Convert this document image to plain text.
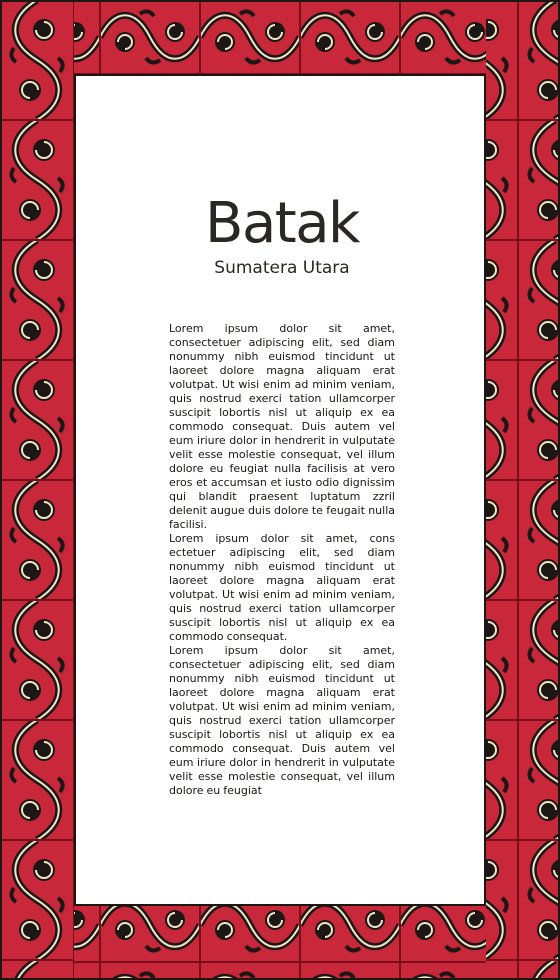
Batak
Sumatera Utara

Lorem ipsum dolor sit amet, consectetuer adipiscing elit, sed diam nonummy nibh euismod tincidunt ut laoreet dolore magna aliquam erat volutpat. Ut wisi enim ad minim veniam, quis nostrud exerci tation ullamcorper suscipit lobortis nisl ut aliquip ex ea commodo consequat. Duis autem vel eum iriure dolor in hendrerit in vulputate velit esse molestie consequat, vel illum dolore eu feugiat nulla facilisis at vero eros et accumsan et iusto odio dignissim qui blandit praesent luptatum zzril delenit augue duis dolore te feugait nulla facilisi.

Lorem ipsum dolor sit amet, cons ectetuer adipiscing elit, sed diam nonummy nibh euismod tincidunt ut laoreet dolore magna aliquam erat volutpat. Ut wisi enim ad minim veniam, quis nostrud exerci tation ullamcorper suscipit lobortis nisl ut aliquip ex ea commodo consequat.

Lorem ipsum dolor sit amet, consectetuer adipiscing elit, sed diam nonummy nibh euismod tincidunt ut laoreet dolore magna aliquam erat volutpat. Ut wisi enim ad minim veniam, quis nostrud exerci tation ullamcorper suscipit lobortis nisl ut aliquip ex ea commodo consequat. Duis autem vel eum iriure dolor in hendrerit in vulputate velit esse molestie consequat, vel illum dolore eu feugiat
